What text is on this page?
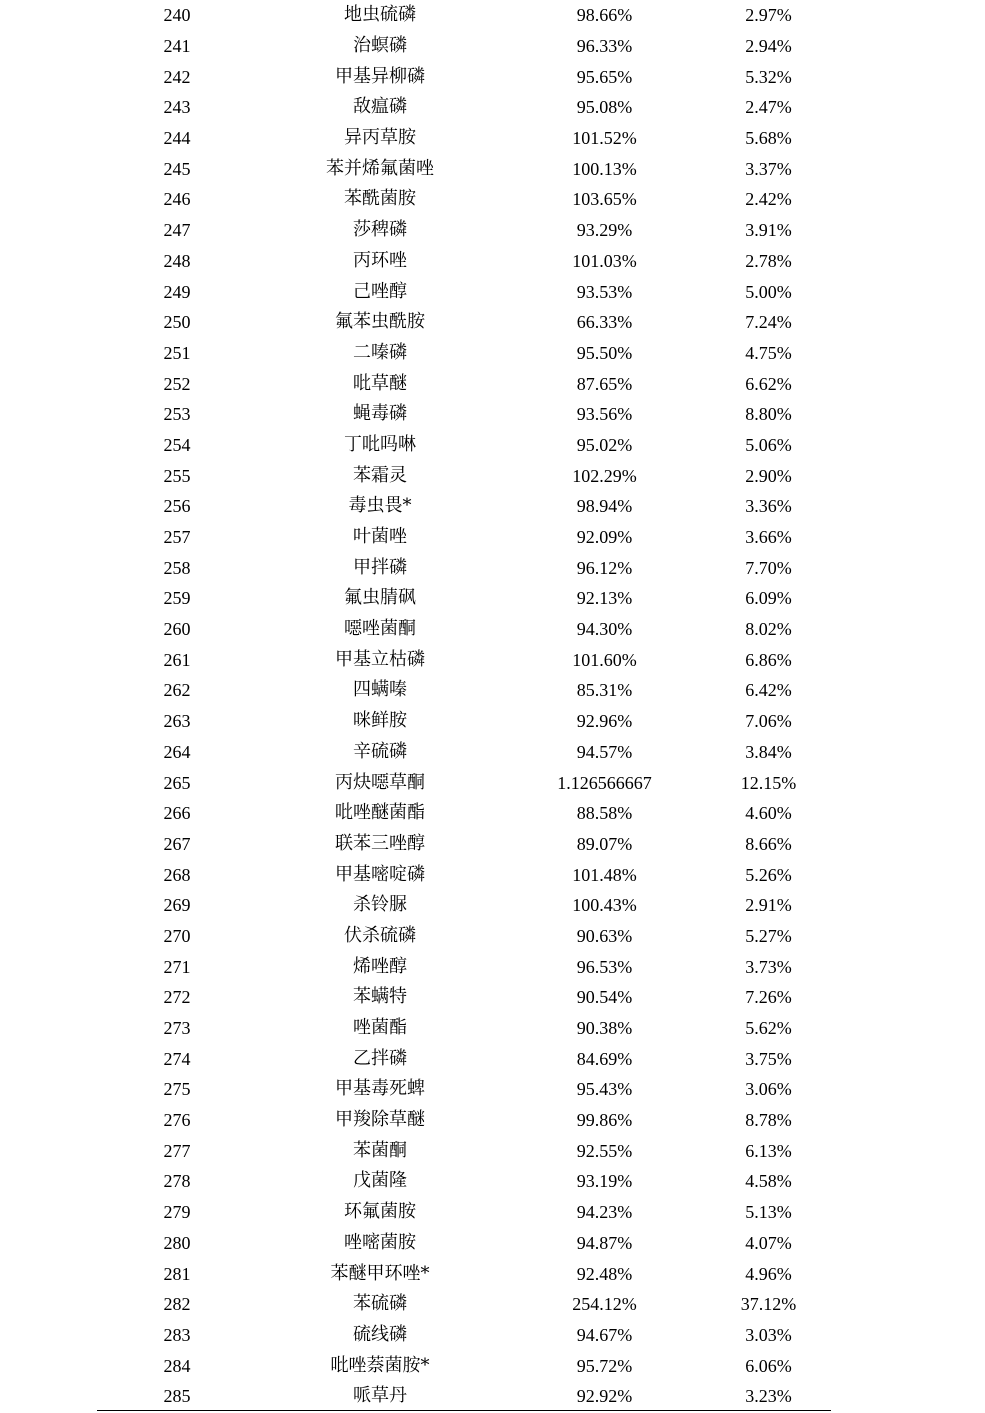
240	地虫硫磷	98.66%	2.97%
241	治螟磷	96.33%	2.94%
242	甲基异柳磷	95.65%	5.32%
243	敌瘟磷	95.08%	2.47%
244	异丙草胺	101.52%	5.68%
245	苯并烯氟菌唑	100.13%	3.37%
246	苯酰菌胺	103.65%	2.42%
247	莎稗磷	93.29%	3.91%
248	丙环唑	101.03%	2.78%
249	己唑醇	93.53%	5.00%
250	氟苯虫酰胺	66.33%	7.24%
251	二嗪磷	95.50%	4.75%
252	吡草醚	87.65%	6.62%
253	蝇毒磷	93.56%	8.80%
254	丁吡吗啉	95.02%	5.06%
255	苯霜灵	102.29%	2.90%
256	毒虫畏*	98.94%	3.36%
257	叶菌唑	92.09%	3.66%
258	甲拌磷	96.12%	7.70%
259	氟虫腈砜	92.13%	6.09%
260	噁唑菌酮	94.30%	8.02%
261	甲基立枯磷	101.60%	6.86%
262	四螨嗪	85.31%	6.42%
263	咪鲜胺	92.96%	7.06%
264	辛硫磷	94.57%	3.84%
265	丙炔噁草酮	1.126566667	12.15%
266	吡唑醚菌酯	88.58%	4.60%
267	联苯三唑醇	89.07%	8.66%
268	甲基嘧啶磷	101.48%	5.26%
269	杀铃脲	100.43%	2.91%
270	伏杀硫磷	90.63%	5.27%
271	烯唑醇	96.53%	3.73%
272	苯螨特	90.54%	7.26%
273	唑菌酯	90.38%	5.62%
274	乙拌磷	84.69%	3.75%
275	甲基毒死蜱	95.43%	3.06%
276	甲羧除草醚	99.86%	8.78%
277	苯菌酮	92.55%	6.13%
278	戊菌隆	93.19%	4.58%
279	环氟菌胺	94.23%	5.13%
280	唑嘧菌胺	94.87%	4.07%
281	苯醚甲环唑*	92.48%	4.96%
282	苯硫磷	254.12%	37.12%
283	硫线磷	94.67%	3.03%
284	吡唑萘菌胺*	95.72%	6.06%
285	哌草丹	92.92%	3.23%
